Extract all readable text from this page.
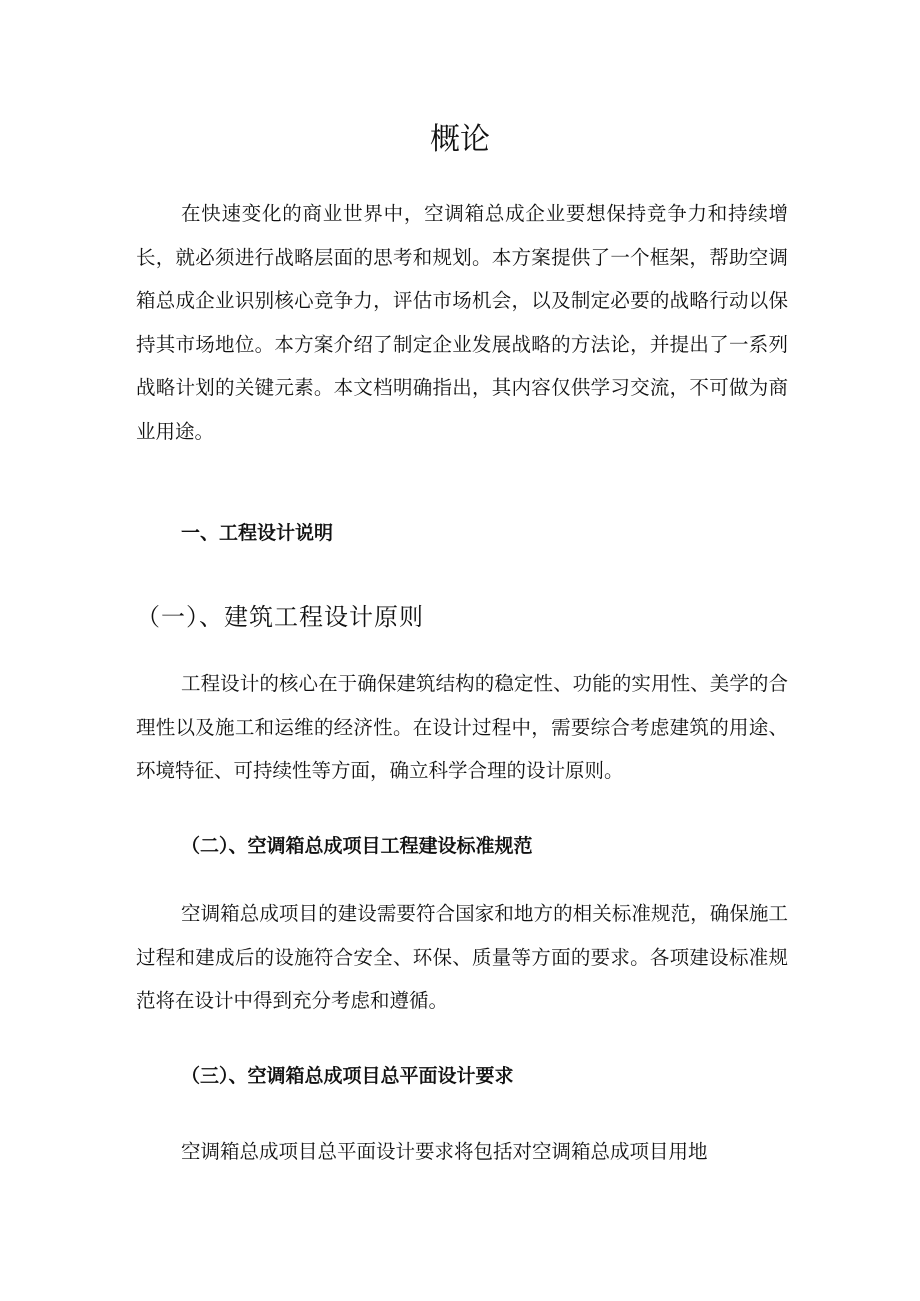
概论

在快速变化的商业世界中，空调箱总成企业要想保持竞争力和持续增长，就必须进行战略层面的思考和规划。本方案提供了一个框架，帮助空调箱总成企业识别核心竞争力，评估市场机会，以及制定必要的战略行动以保持其市场地位。本方案介绍了制定企业发展战略的方法论，并提出了一系列战略计划的关键元素。本文档明确指出，其内容仅供学习交流，不可做为商业用途。

一、工程设计说明
（一）、建筑工程设计原则

工程设计的核心在于确保建筑结构的稳定性、功能的实用性、美学的合理性以及施工和运维的经济性。在设计过程中，需要综合考虑建筑的用途、环境特征、可持续性等方面，确立科学合理的设计原则。

（二）、空调箱总成项目工程建设标准规范

空调箱总成项目的建设需要符合国家和地方的相关标准规范，确保施工过程和建成后的设施符合安全、环保、质量等方面的要求。各项建设标准规范将在设计中得到充分考虑和遵循。

（三）、空调箱总成项目总平面设计要求

空调箱总成项目总平面设计要求将包括对空调箱总成项目用地
